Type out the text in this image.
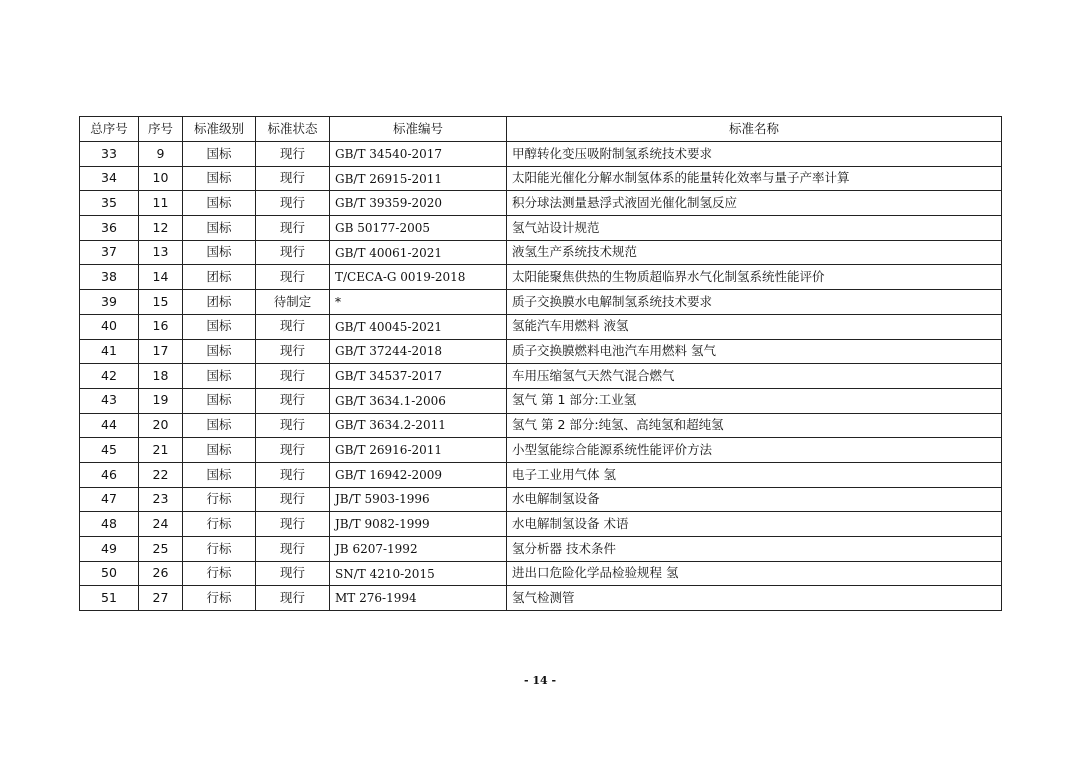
总序号	序号	标准级别	标准状态	标准编号	标准名称
33	9	国标	现行	GB/T 34540-2017	甲醇转化变压吸附制氢系统技术要求
34	10	国标	现行	GB/T 26915-2011	太阳能光催化分解水制氢体系的能量转化效率与量子产率计算
35	11	国标	现行	GB/T 39359-2020	积分球法测量悬浮式液固光催化制氢反应
36	12	国标	现行	GB 50177-2005	氢气站设计规范
37	13	国标	现行	GB/T 40061-2021	液氢生产系统技术规范
38	14	团标	现行	T/CECA-G 0019-2018	太阳能聚焦供热的生物质超临界水气化制氢系统性能评价
39	15	团标	待制定	*	质子交换膜水电解制氢系统技术要求
40	16	国标	现行	GB/T 40045-2021	氢能汽车用燃料 液氢
41	17	国标	现行	GB/T 37244-2018	质子交换膜燃料电池汽车用燃料 氢气
42	18	国标	现行	GB/T 34537-2017	车用压缩氢气天然气混合燃气
43	19	国标	现行	GB/T 3634.1-2006	氢气 第 1 部分:工业氢
44	20	国标	现行	GB/T 3634.2-2011	氢气 第 2 部分:纯氢、高纯氢和超纯氢
45	21	国标	现行	GB/T 26916-2011	小型氢能综合能源系统性能评价方法
46	22	国标	现行	GB/T 16942-2009	电子工业用气体 氢
47	23	行标	现行	JB/T 5903-1996	水电解制氢设备
48	24	行标	现行	JB/T 9082-1999	水电解制氢设备 术语
49	25	行标	现行	JB 6207-1992	氢分析器 技术条件
50	26	行标	现行	SN/T 4210-2015	进出口危险化学品检验规程 氢
51	27	行标	现行	MT 276-1994	氢气检测管
- 14 -
